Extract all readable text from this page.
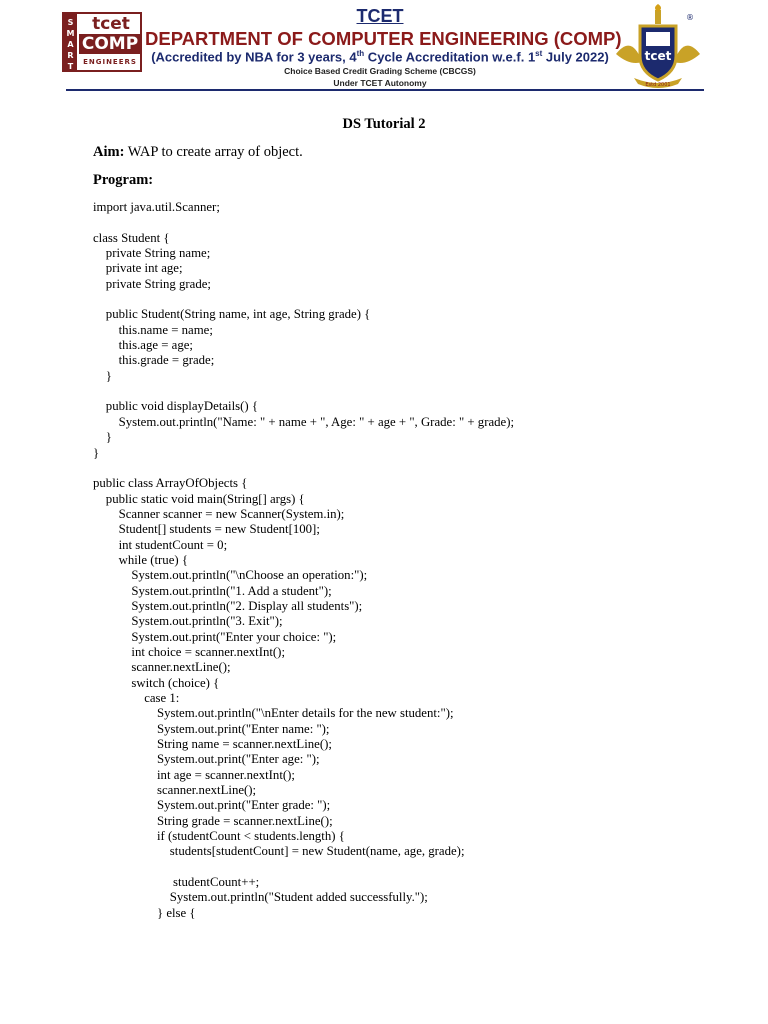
S
M
A
R
T
tcet
COMP
ENGINEERS
TCET
DEPARTMENT OF COMPUTER ENGINEERING (COMP)
(Accredited by NBA for 3 years, 4th Cycle Accreditation w.e.f. 1st July 2022)
Choice Based Credit Grading Scheme (CBCGS)
Under TCET Autonomy
tcet
Estd 2001
®
DS Tutorial 2
Aim: WAP to create array of object.
Program:
import java.util.Scanner;
class Student {
private String name;
private int age;
private String grade;
public Student(String name, int age, String grade) {
this.name = name;
this.age = age;
this.grade = grade;
}
public void displayDetails() {
System.out.println("Name: " + name + ", Age: " + age + ", Grade: " + grade);
}
}
public class ArrayOfObjects {
public static void main(String[] args) {
Scanner scanner = new Scanner(System.in);
Student[] students = new Student[100];
int studentCount = 0;
while (true) {
System.out.println("\nChoose an operation:");
System.out.println("1. Add a student");
System.out.println("2. Display all students");
System.out.println("3. Exit");
System.out.print("Enter your choice: ");
int choice = scanner.nextInt();
scanner.nextLine();
switch (choice) {
case 1:
System.out.println("\nEnter details for the new student:");
System.out.print("Enter name: ");
String name = scanner.nextLine();
System.out.print("Enter age: ");
int age = scanner.nextInt();
scanner.nextLine();
System.out.print("Enter grade: ");
String grade = scanner.nextLine();
if (studentCount < students.length) {
students[studentCount] = new Student(name, age, grade);
studentCount++;
System.out.println("Student added successfully.");
} else {
